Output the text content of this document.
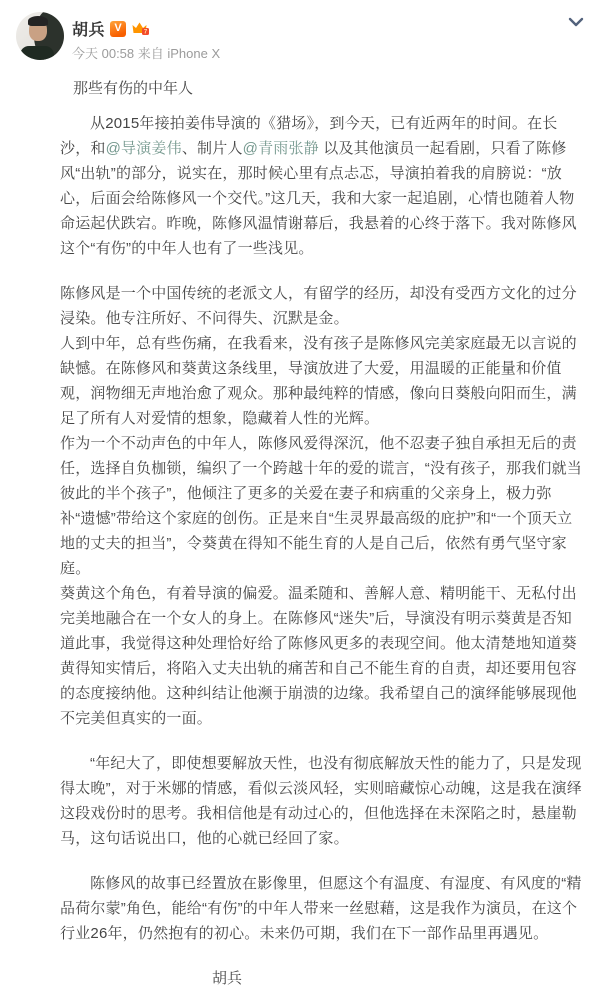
胡兵 V	7
今天 00:58 来自 iPhone X
那些有伤的中年人

从2015年接拍姜伟导演的《猎场》，到今天，已有近两年的时间。在长沙，和@导演姜伟、制片人@青雨张静 以及其他演员一起看剧，只看了陈修风“出轨”的部分，说实在，那时候心里有点忐忑，导演拍着我的肩膀说：“放心，后面会给陈修风一个交代。”这几天，我和大家一起追剧，心情也随着人物命运起伏跌宕。昨晚，陈修风温情谢幕后，我悬着的心终于落下。我对陈修风这个“有伤”的中年人也有了一些浅见。

陈修风是一个中国传统的老派文人，有留学的经历，却没有受西方文化的过分浸染。他专注所好、不问得失、沉默是金。

人到中年，总有些伤痛，在我看来，没有孩子是陈修风完美家庭最无以言说的缺憾。在陈修风和葵黄这条线里，导演放进了大爱，用温暖的正能量和价值观，润物细无声地治愈了观众。那种最纯粹的情感，像向日葵般向阳而生，满足了所有人对爱情的想象，隐藏着人性的光辉。

作为一个不动声色的中年人，陈修风爱得深沉，他不忍妻子独自承担无后的责任，选择自负枷锁，编织了一个跨越十年的爱的谎言，“没有孩子，那我们就当彼此的半个孩子”，他倾注了更多的关爱在妻子和病重的父亲身上，极力弥补“遗憾”带给这个家庭的创伤。正是来自“生灵界最高级的庇护”和“一个顶天立地的丈夫的担当”，令葵黄在得知不能生育的人是自己后，依然有勇气坚守家庭。

葵黄这个角色，有着导演的偏爱。温柔随和、善解人意、精明能干、无私付出完美地融合在一个女人的身上。在陈修风“迷失”后，导演没有明示葵黄是否知道此事，我觉得这种处理恰好给了陈修风更多的表现空间。他太清楚地知道葵黄得知实情后，将陷入丈夫出轨的痛苦和自己不能生育的自责，却还要用包容的态度接纳他。这种纠结让他濒于崩溃的边缘。我希望自己的演绎能够展现他不完美但真实的一面。

“年纪大了，即使想要解放天性，也没有彻底解放天性的能力了，只是发现得太晚”，对于米娜的情感，看似云淡风轻，实则暗藏惊心动魄，这是我在演绎这段戏份时的思考。我相信他是有动过心的，但他选择在未深陷之时，悬崖勒马，这句话说出口，他的心就已经回了家。

陈修风的故事已经置放在影像里，但愿这个有温度、有湿度、有风度的“精品荷尔蒙”角色，能给“有伤”的中年人带来一丝慰藉，这是我作为演员，在这个行业26年，仍然抱有的初心。未来仍可期，我们在下一部作品里再遇见。

胡兵
